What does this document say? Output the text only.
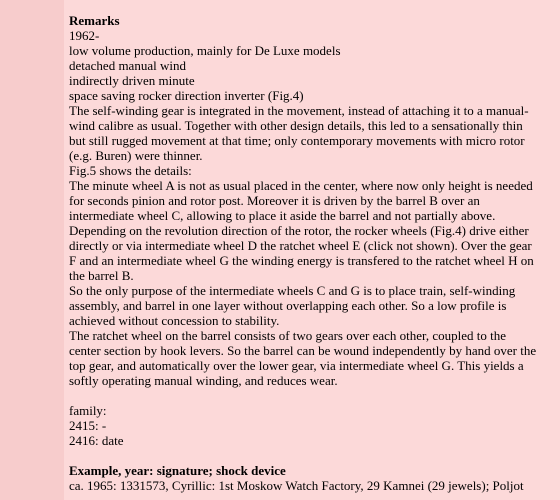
Remarks

1962-

low volume production, mainly for De Luxe models

detached manual wind

indirectly driven minute

space saving rocker direction inverter (Fig.4)

The self-winding gear is integrated in the movement, instead of attaching it to a manual-wind calibre as usual. Together with other design details, this led to a sensationally thin but still rugged movement at that time; only contemporary movements with micro rotor (e.g. Buren) were thinner.

Fig.5 shows the details:

The minute wheel A is not as usual placed in the center, where now only height is needed for seconds pinion and rotor post. Moreover it is driven by the barrel B over an intermediate wheel C, allowing to place it aside the barrel and not partially above.

Depending on the revolution direction of the rotor, the rocker wheels (Fig.4) drive either directly or via intermediate wheel D the ratchet wheel E (click not shown). Over the gear F and an intermediate wheel G the winding energy is transfered to the ratchet wheel H on the barrel B.

So the only purpose of the intermediate wheels C and G is to place train, self-winding assembly, and barrel in one layer without overlapping each other. So a low profile is achieved without concession to stability.

The ratchet wheel on the barrel consists of two gears over each other, coupled to the center section by hook levers. So the barrel can be wound independently by hand over the top gear, and automatically over the lower gear, via intermediate wheel G. This yields a softly operating manual winding, and reduces wear.

family:

2415: -

2416: date

Example, year: signature; shock device

ca. 1965: 1331573, Cyrillic: 1st Moskow Watch Factory, 29 Kamnei (29 jewels); Poljot
